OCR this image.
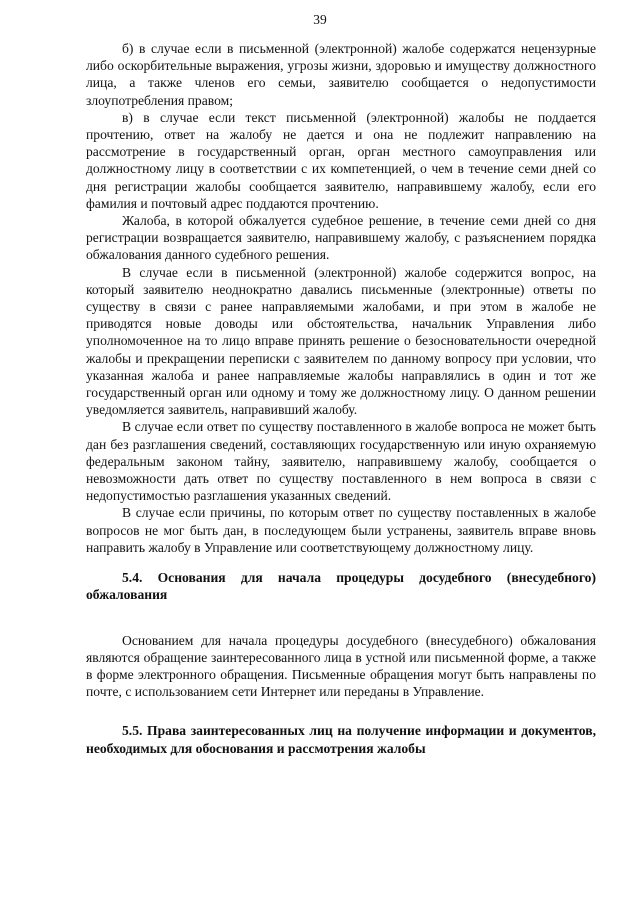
39

б) в случае если в письменной (электронной) жалобе содержатся нецензурные либо оскорбительные выражения, угрозы жизни, здоровью и имуществу должностного лица, а также членов его семьи, заявителю сообщается о недопустимости злоупотребления правом;

в) в случае если текст письменной (электронной) жалобы не поддается прочтению, ответ на жалобу не дается и она не подлежит направлению на рассмотрение в государственный орган, орган местного самоуправления или должностному лицу в соответствии с их компетенцией, о чем в течение семи дней со дня регистрации жалобы сообщается заявителю, направившему жалобу, если его фамилия и почтовый адрес поддаются прочтению.

Жалоба, в которой обжалуется судебное решение, в течение семи дней со дня регистрации возвращается заявителю, направившему жалобу, с разъяснением порядка обжалования данного судебного решения.

В случае если в письменной (электронной) жалобе содержится вопрос, на который заявителю неоднократно давались письменные (электронные) ответы по существу в связи с ранее направляемыми жалобами, и при этом в жалобе не приводятся новые доводы или обстоятельства, начальник Управления либо уполномоченное на то лицо вправе принять решение о безосновательности очередной жалобы и прекращении переписки с заявителем по данному вопросу при условии, что указанная жалоба и ранее направляемые жалобы направлялись в один и тот же государственный орган или одному и тому же должностному лицу. О данном решении уведомляется заявитель, направивший жалобу.

В случае если ответ по существу поставленного в жалобе вопроса не может быть дан без разглашения сведений, составляющих государственную или иную охраняемую федеральным законом тайну, заявителю, направившему жалобу, сообщается о невозможности дать ответ по существу поставленного в нем вопроса в связи с недопустимостью разглашения указанных сведений.

В случае если причины, по которым ответ по существу поставленных в жалобе вопросов не мог быть дан, в последующем были устранены, заявитель вправе вновь направить жалобу в Управление или соответствующему должностному лицу.

5.4. Основания для начала процедуры досудебного (внесудебного) обжалования

Основанием для начала процедуры досудебного (внесудебного) обжалования являются обращение заинтересованного лица в устной или письменной форме, а также в форме электронного обращения. Письменные обращения могут быть направлены по почте, с использованием сети Интернет или переданы в Управление.

5.5. Права заинтересованных лиц на получение информации и документов, необходимых для обоснования и рассмотрения жалобы
